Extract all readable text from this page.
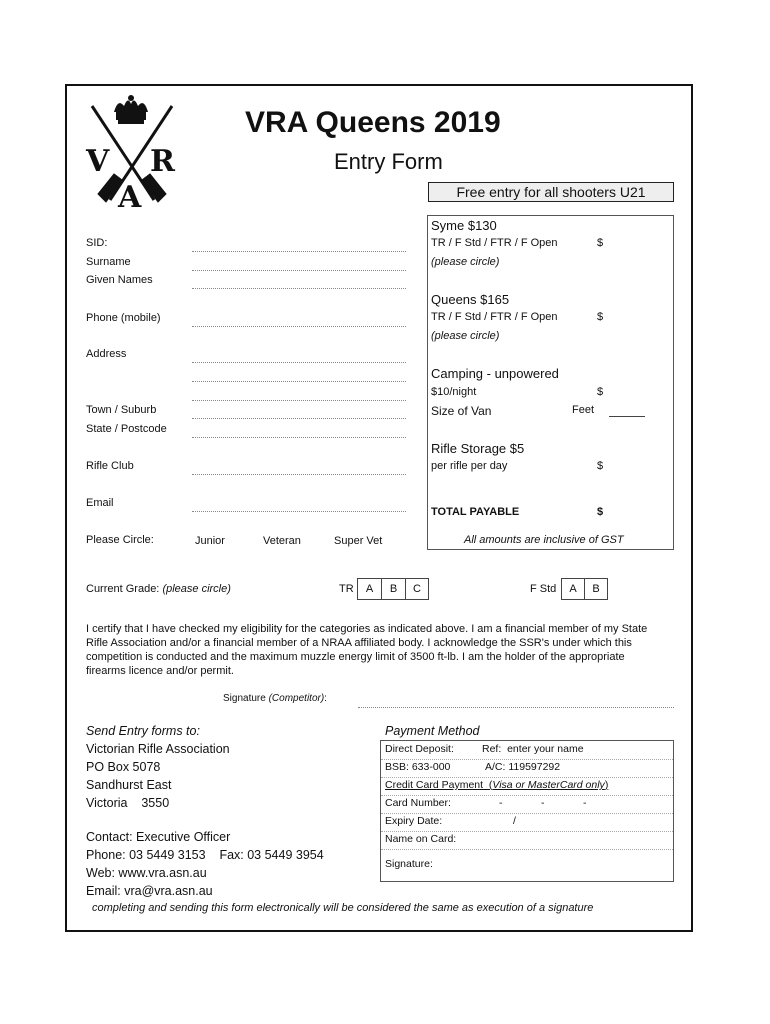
V R
A
VRA Queens 2019
Entry Form
Free entry for all shooters U21
SID:
Surname
Given Names
Phone (mobile)
Address
Town / Suburb
State / Postcode
Rifle Club
Email
Please Circle:	Junior	Veteran	Super Vet
Syme $130
TR / F Std / FTR / F Open	$
(please circle)
Queens $165
TR / F Std / FTR / F Open	$
(please circle)
Camping - unpowered
$10/night	$
Size of Van	Feet
Rifle Storage $5
per rifle per day	$
TOTAL PAYABLE	$
All amounts are inclusive of GST
Current Grade: (please circle)	TR	A	B	C	F Std	A	B
I certify that I have checked my eligibility for the categories as indicated above. I am a financial member of my State Rifle Association and/or a financial member of a NRAA affiliated body. I acknowledge the SSR's under which this competition is conducted and the maximum muzzle energy limit of 3500 ft-lb. I am the holder of the appropriate firearms licence and/or permit.
Signature (Competitor):
Send Entry forms to:
Victorian Rifle Association
PO Box 5078
Sandhurst East
Victoria    3550
Contact: Executive Officer
Phone: 03 5449 3153    Fax: 03 5449 3954
Web: www.vra.asn.au
Email: vra@vra.asn.au
Payment Method
Direct Deposit:	Ref:  enter your name
BSB: 633-000	A/C: 119597292
Credit Card Payment  (Visa or MasterCard only)
Card Number:	-	-	-
Expiry Date:	/
Name on Card:
Signature:
completing and sending this form electronically will be considered the same as execution of a signature
